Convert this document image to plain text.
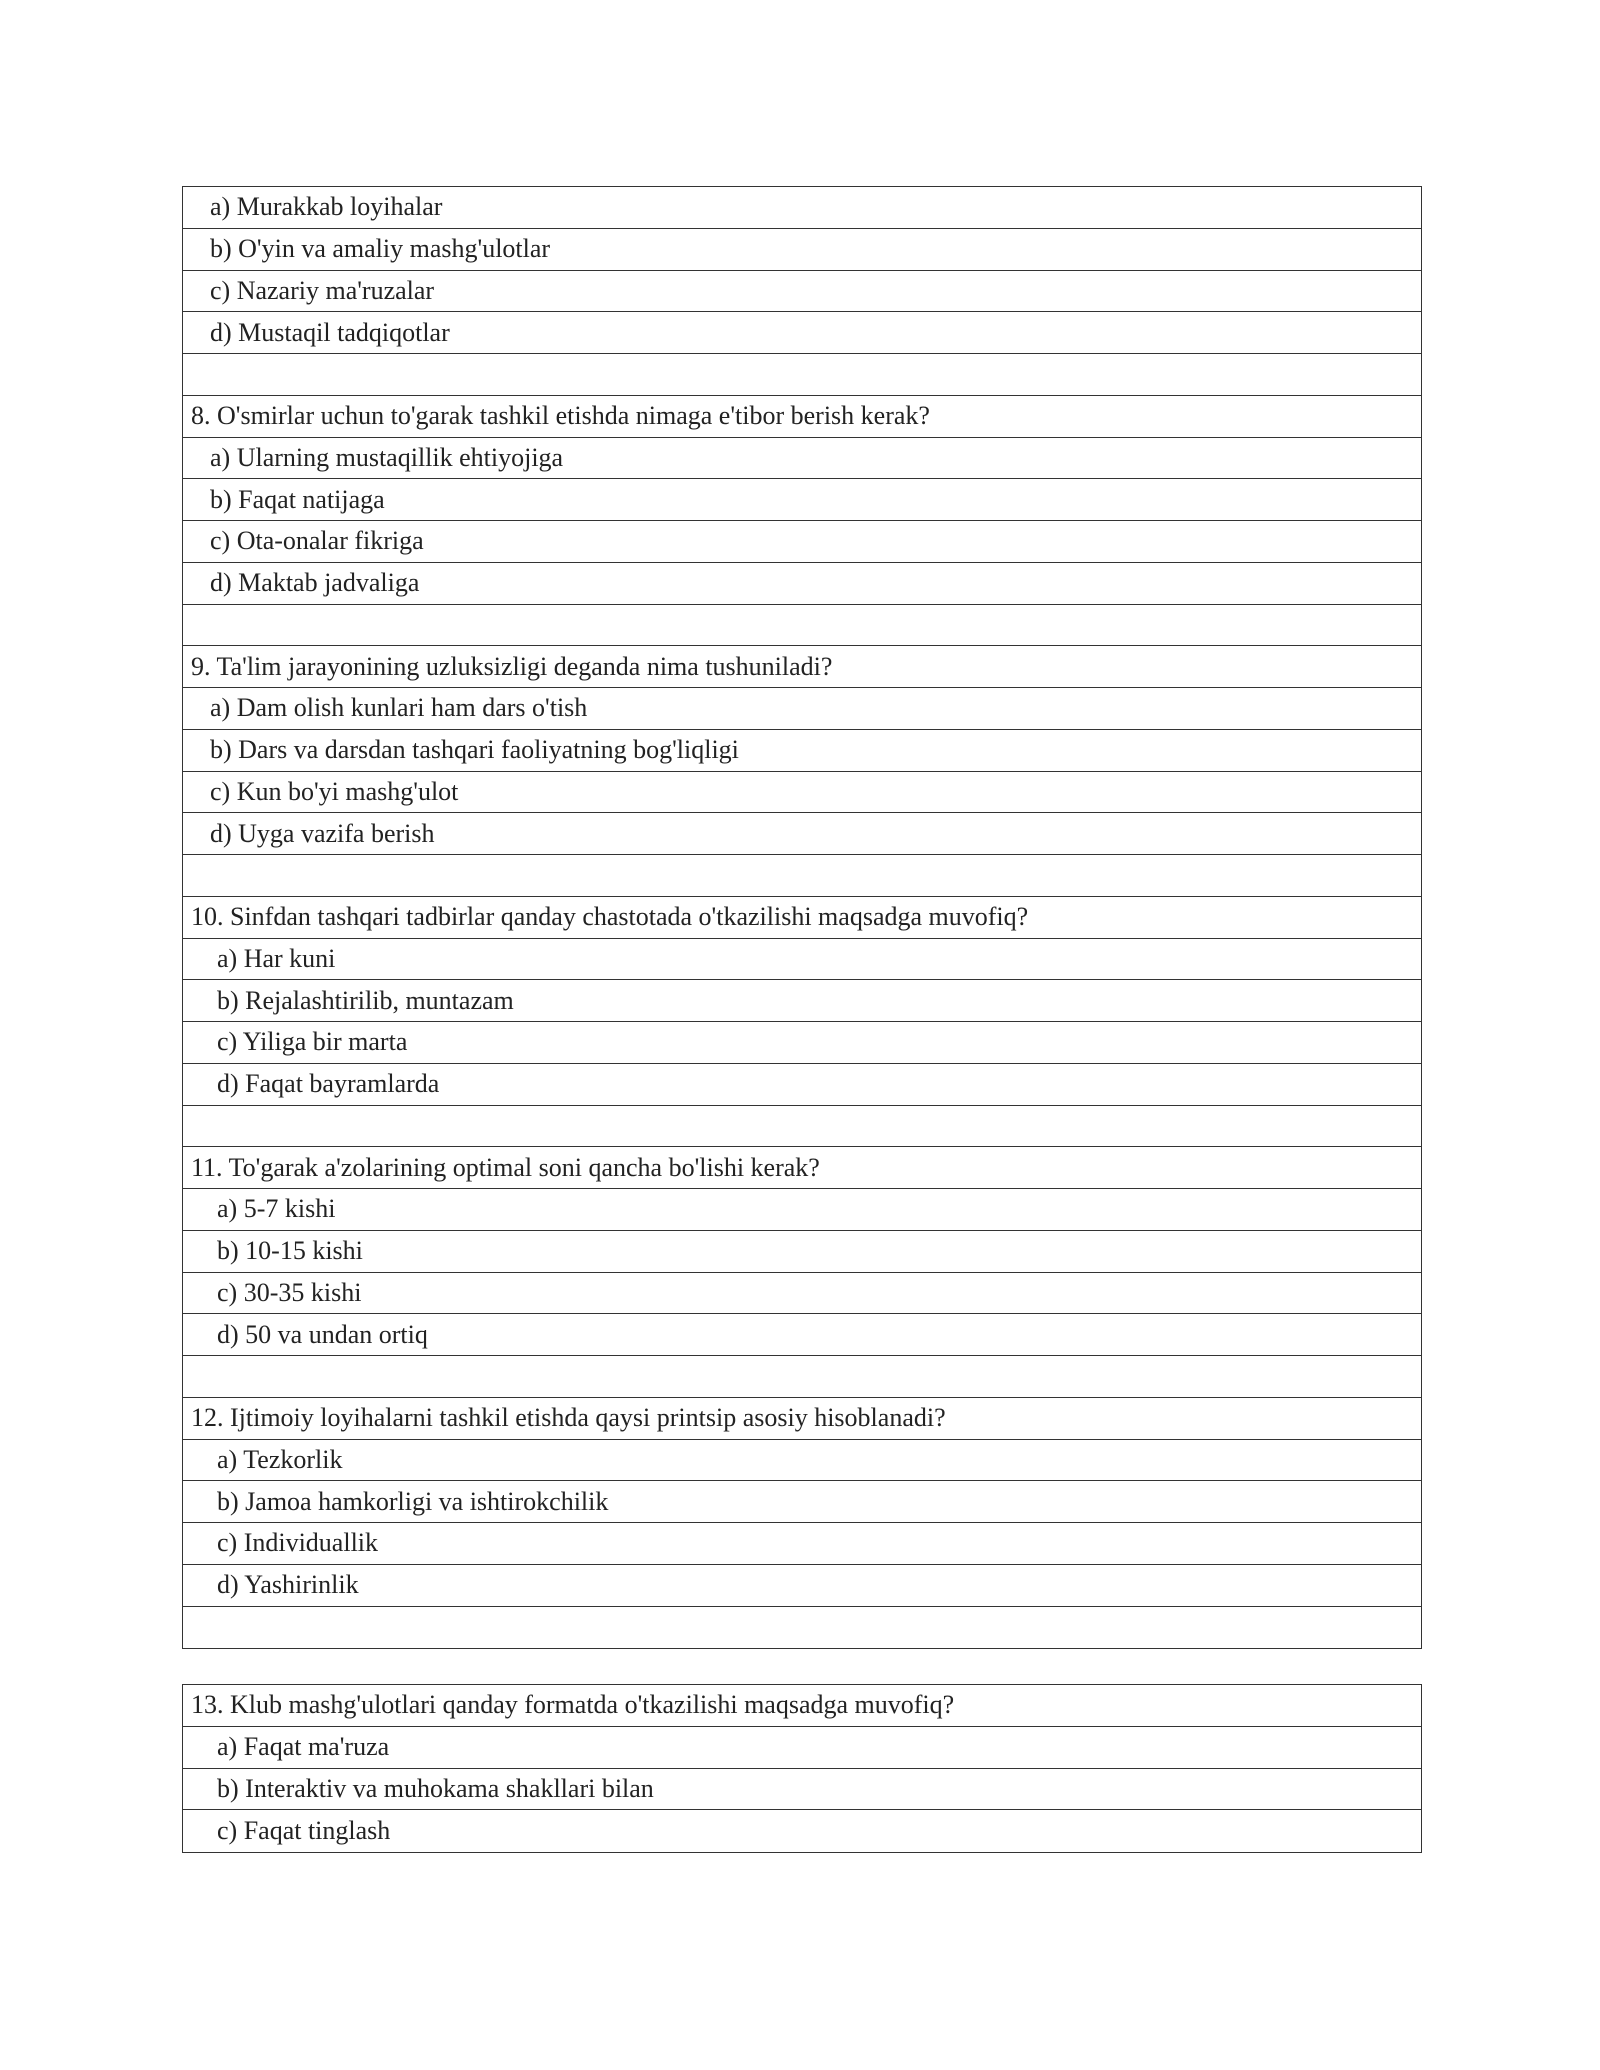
a) Murakkab loyihalar
b) O'yin va amaliy mashg'ulotlar
c) Nazariy ma'ruzalar
d) Mustaqil tadqiqotlar
8. O'smirlar uchun to'garak tashkil etishda nimaga e'tibor berish kerak?
a) Ularning mustaqillik ehtiyojiga
b) Faqat natijaga
c) Ota-onalar fikriga
d) Maktab jadvaliga
9. Ta'lim jarayonining uzluksizligi deganda nima tushuniladi?
a) Dam olish kunlari ham dars o'tish
b) Dars va darsdan tashqari faoliyatning bog'liqligi
c) Kun bo'yi mashg'ulot
d) Uyga vazifa berish
10. Sinfdan tashqari tadbirlar qanday chastotada o'tkazilishi maqsadga muvofiq?
a) Har kuni
b) Rejalashtirilib, muntazam
c) Yiliga bir marta
d) Faqat bayramlarda
11. To'garak a'zolarining optimal soni qancha bo'lishi kerak?
a) 5-7 kishi
b) 10-15 kishi
c) 30-35 kishi
d) 50 va undan ortiq
12. Ijtimoiy loyihalarni tashkil etishda qaysi printsip asosiy hisoblanadi?
a) Tezkorlik
b) Jamoa hamkorligi va ishtirokchilik
c) Individuallik
d) Yashirinlik
13. Klub mashg'ulotlari qanday formatda o'tkazilishi maqsadga muvofiq?
a) Faqat ma'ruza
b) Interaktiv va muhokama shakllari bilan
c) Faqat tinglash
